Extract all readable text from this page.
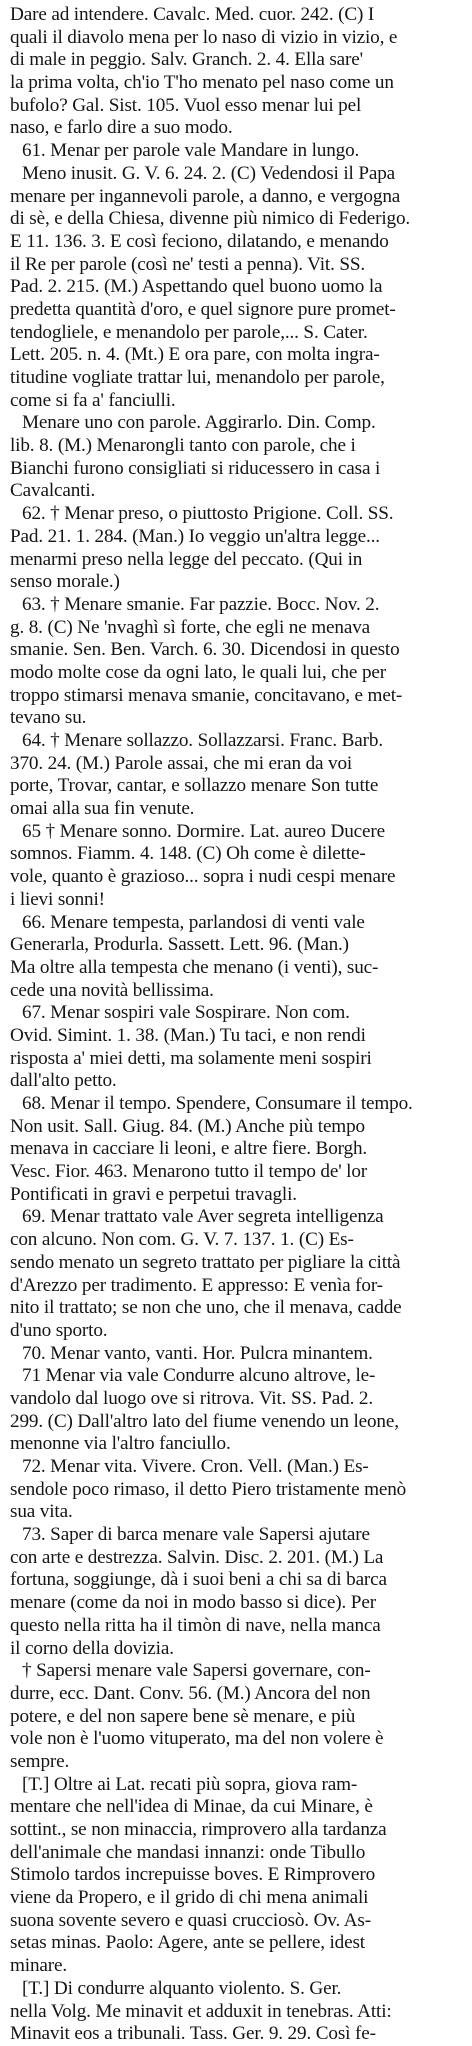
Dare ad intendere. Cavalc. Med. cuor. 242. (C) I
quali il diavolo mena per lo naso di vizio in vizio, e
di male in peggio. Salv. Granch. 2. 4. Ella sare'
la prima volta, ch'io T'ho menato pel naso come un
bufolo? Gal. Sist. 105. Vuol esso menar lui pel
naso, e farlo dire a suo modo.
61. Menar per parole vale Mandare in lungo.
Meno inusit. G. V. 6. 24. 2. (C) Vedendosi il Papa
menare per ingannevoli parole, a danno, e vergogna
di sè, e della Chiesa, divenne più nimico di Federigo.
E 11. 136. 3. E così feciono, dilatando, e menando
il Re per parole (così ne' testi a penna). Vit. SS.
Pad. 2. 215. (M.) Aspettando quel buono uomo la
predetta quantità d'oro, e quel signore pure promet-
tendogliele, e menandolo per parole,... S. Cater.
Lett. 205. n. 4. (Mt.) E ora pare, con molta ingra-
titudine vogliate trattar lui, menandolo per parole,
come si fa a' fanciulli.
Menare uno con parole. Aggirarlo. Din. Comp.
lib. 8. (M.) Menarongli tanto con parole, che i
Bianchi furono consigliati si riducessero in casa i
Cavalcanti.
62. † Menar preso, o piuttosto Prigione. Coll. SS.
Pad. 21. 1. 284. (Man.) Io veggio un'altra legge...
menarmi preso nella legge del peccato. (Qui in
senso morale.)
63. † Menare smanie. Far pazzie. Bocc. Nov. 2.
g. 8. (C) Ne 'nvaghì sì forte, che egli ne menava
smanie. Sen. Ben. Varch. 6. 30. Dicendosi in questo
modo molte cose da ogni lato, le quali lui, che per
troppo stimarsi menava smanie, concitavano, e met-
tevano su.
64. † Menare sollazzo. Sollazzarsi. Franc. Barb.
370. 24. (M.) Parole assai, che mi eran da voi
porte, Trovar, cantar, e sollazzo menare Son tutte
omai alla sua fin venute.
65 † Menare sonno. Dormire. Lat. aureo Ducere
somnos. Fiamm. 4. 148. (C) Oh come è dilette-
vole, quanto è grazioso... sopra i nudi cespi menare
i lievi sonni!
66. Menare tempesta, parlandosi di venti vale
Generarla, Produrla. Sassett. Lett. 96. (Man.)
Ma oltre alla tempesta che menano (i venti), suc-
cede una novità bellissima.
67. Menar sospiri vale Sospirare. Non com.
Ovid. Simint. 1. 38. (Man.) Tu taci, e non rendi
risposta a' miei detti, ma solamente meni sospiri
dall'alto petto.
68. Menar il tempo. Spendere, Consumare il tempo.
Non usit. Sall. Giug. 84. (M.) Anche più tempo
menava in cacciare li leoni, e altre fiere. Borgh.
Vesc. Fior. 463. Menarono tutto il tempo de' lor
Pontificati in gravi e perpetui travagli.
69. Menar trattato vale Aver segreta intelligenza
con alcuno. Non com. G. V. 7. 137. 1. (C) Es-
sendo menato un segreto trattato per pigliare la città
d'Arezzo per tradimento. E appresso: E venìa for-
nito il trattato; se non che uno, che il menava, cadde
d'uno sporto.
70. Menar vanto, vanti. Hor. Pulcra minantem.
71 Menar via vale Condurre alcuno altrove, le-
vandolo dal luogo ove si ritrova. Vit. SS. Pad. 2.
299. (C) Dall'altro lato del fiume venendo un leone,
menonne via l'altro fanciullo.
72. Menar vita. Vivere. Cron. Vell. (Man.) Es-
sendole poco rimaso, il detto Piero tristamente menò
sua vita.
73. Saper di barca menare vale Sapersi ajutare
con arte e destrezza. Salvin. Disc. 2. 201. (M.) La
fortuna, soggiunge, dà i suoi beni a chi sa di barca
menare (come da noi in modo basso si dice). Per
questo nella ritta ha il timòn di nave, nella manca
il corno della dovizia.
† Sapersi menare vale Sapersi governare, con-
durre, ecc. Dant. Conv. 56. (M.) Ancora del non
potere, e del non sapere bene sè menare, e più
vole non è l'uomo vituperato, ma del non volere è
sempre.
[T.] Oltre ai Lat. recati più sopra, giova ram-
mentare che nell'idea di Minae, da cui Minare, è
sottint., se non minaccia, rimprovero alla tardanza
dell'animale che mandasi innanzi: onde Tibullo
Stimolo tardos increpuisse boves. E Rimprovero
viene da Propero, e il grido di chi mena animali
suona sovente severo e quasi crucciosò. Ov. As-
setas minas. Paolo: Agere, ante se pellere, idest
minare.
[T.] Di condurre alquanto violento. S. Ger.
nella Volg. Me minavit et adduxit in tenebras. Atti:
Minavit eos a tribunali. Tass. Ger. 9. 29. Così fe-
